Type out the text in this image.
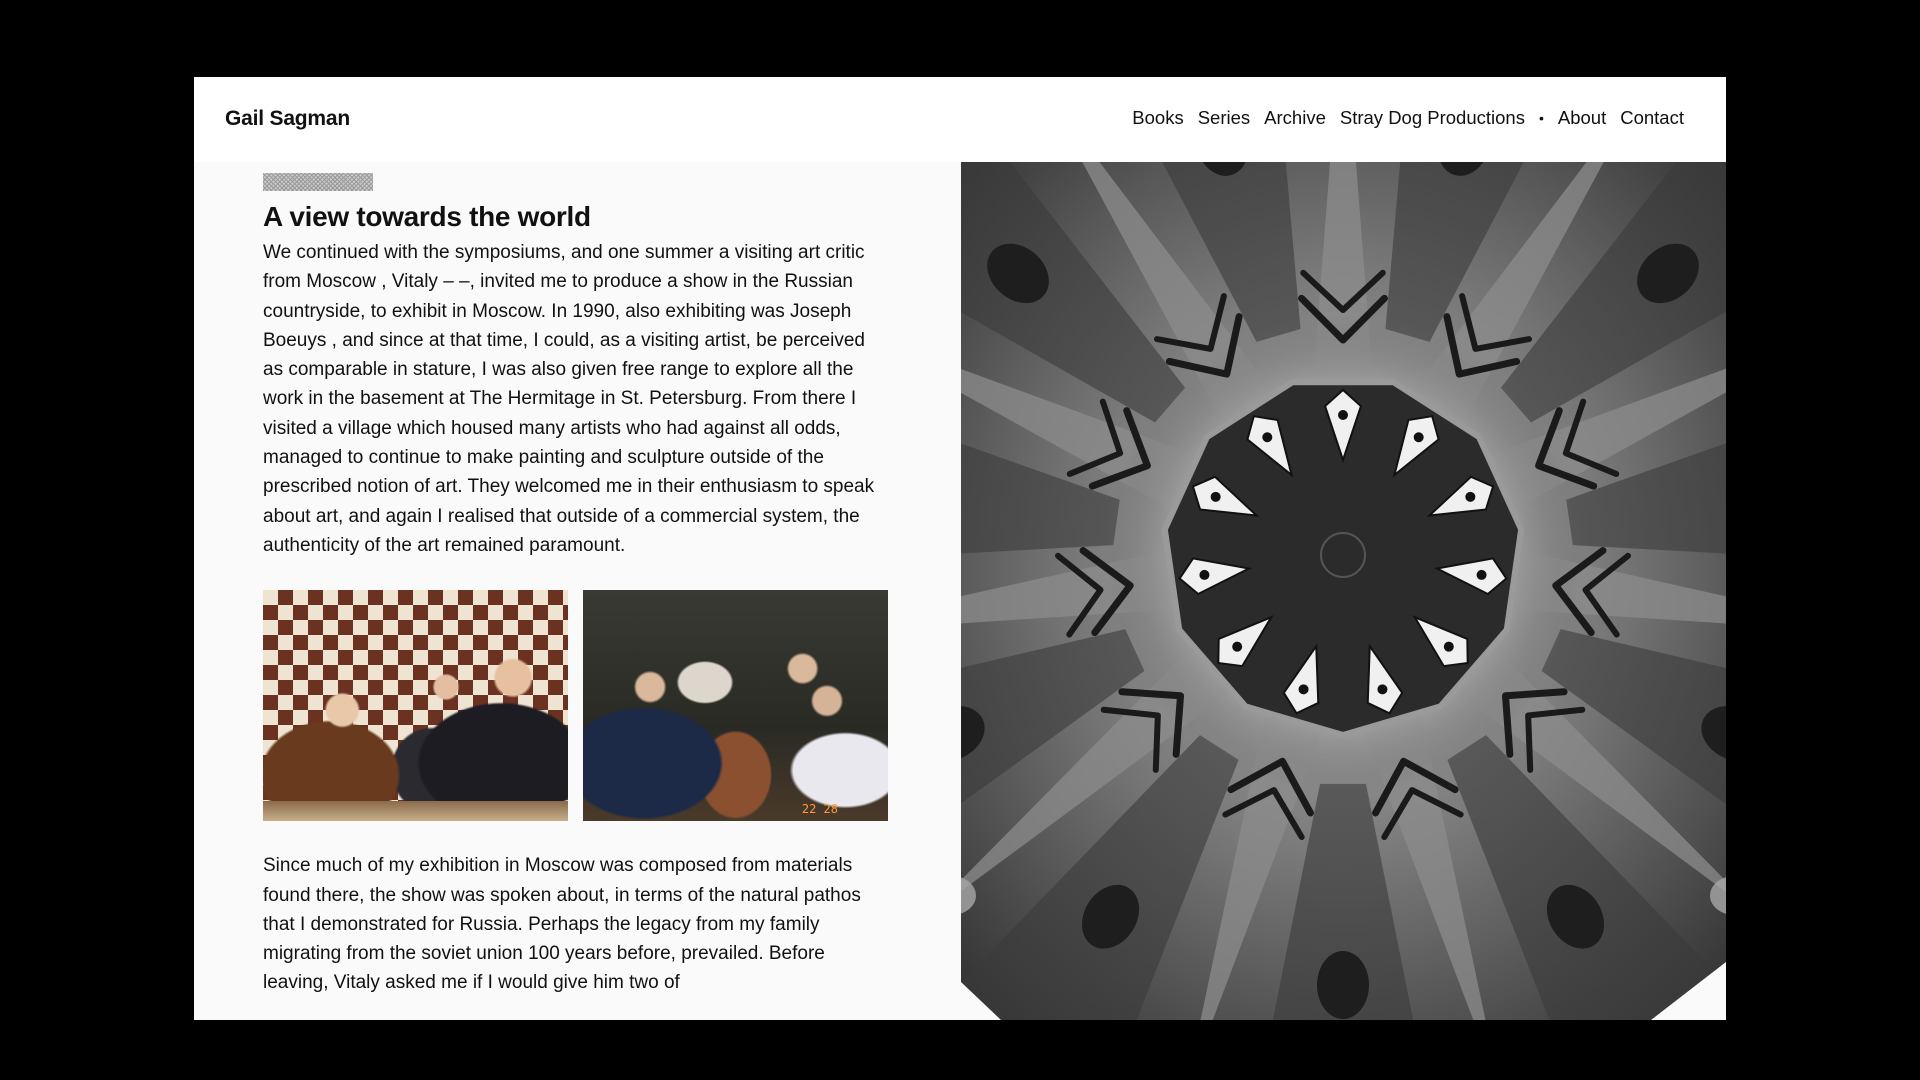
Gail Sagman	Books Series Archive Stray Dog Productions • About Contact
A view towards the world

We continued with the symposiums, and one summer a visiting art critic from Moscow , Vitaly – –, invited me to produce a show in the Russian countryside, to exhibit in Moscow. In 1990, also exhibiting was Joseph Boeuys , and since at that time, I could, as a visiting artist, be perceived as comparable in stature, I was also given free range to explore all the work in the basement at The Hermitage in St. Petersburg. From there I visited a village which housed many artists who had against all odds, managed to continue to make painting and sculpture outside of the prescribed notion of art. They welcomed me in their enthusiasm to speak about art, and again I realised that outside of a commercial system, the authenticity of the art remained paramount.

22 28

Since much of my exhibition in Moscow was composed from materials found there, the show was spoken about, in terms of the natural pathos that I demonstrated for Russia. Perhaps the legacy from my family migrating from the soviet union 100 years before, prevailed. Before leaving, Vitaly asked me if I would give him two of
